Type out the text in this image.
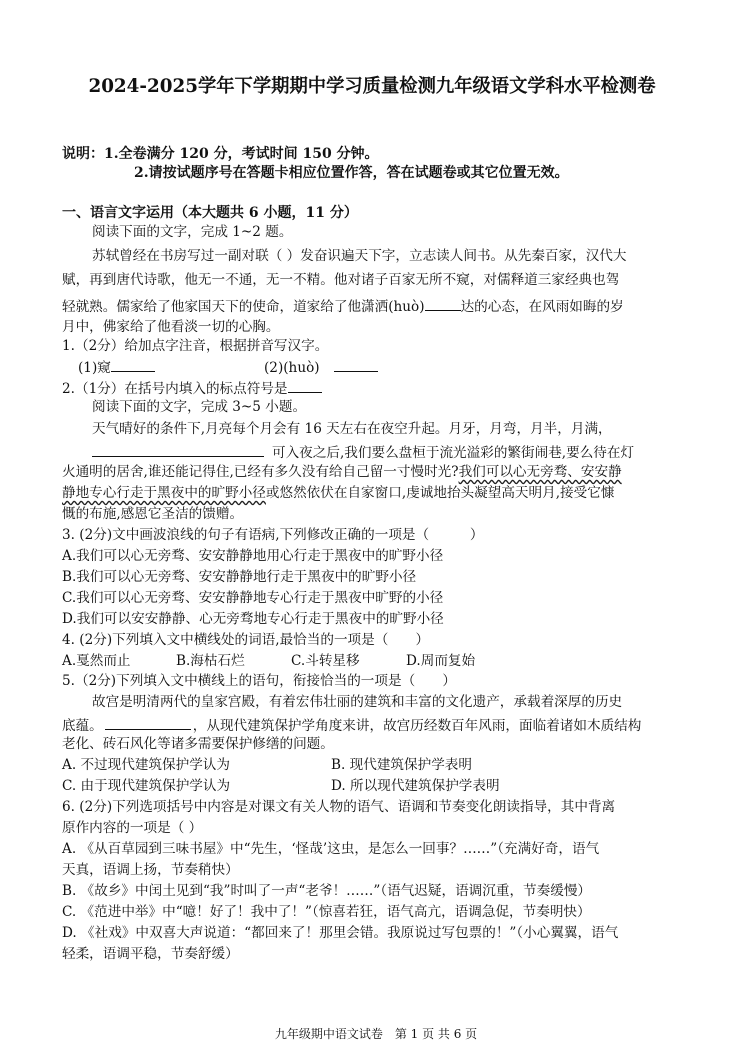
2024-2025学年下学期期中学习质量检测九年级语文学科水平检测卷
说明：1.全卷满分 120 分，考试时间 150 分钟。
2.请按试题序号在答题卡相应位置作答，答在试题卷或其它位置无效。
一、语言文字运用（本大题共 6 小题，11 分）
阅读下面的文字，完成 1~2 题。
苏轼曾经在书房写过一副对联（ ）发奋识遍天下字，立志读人间书。从先秦百家，汉代大
赋，再到唐代诗歌，他无一不通，无一不精。他对诸子百家无所不窥，对儒释道三家经典也驾
轻就熟。儒家给了他家国天下的使命，道家给了他潇洒(huò)	达的心态，在风雨如晦的岁
月中，佛家给了他看淡一切的心胸。
1.（2分）给加点字注音，根据拼音写汉字。
(1)窥	(2)(huò)
2.（1分）在括号内填入的标点符号是
阅读下面的文字，完成 3~5 小题。
天气晴好的条件下,月亮每个月会有 16 天左右在夜空升起。月牙，月弯，月半，月满，
可入夜之后,我们要么盘桓于流光溢彩的繁街闹巷,要么待在灯
火通明的居舍,谁还能记得住,已经有多久没有给自己留一寸慢时光?我们可以心无旁骛、安安静
静地专心行走于黑夜中的旷野小径或悠然依伏在自家窗口,虔诚地抬头凝望高天明月,接受它慷
慨的布施,感恩它圣洁的馈赠。
3. (2分)文中画波浪线的句子有语病,下列修改正确的一项是（　　　）
A.我们可以心无旁骛、安安静静地用心行走于黑夜中的旷野小径
B.我们可以心无旁骛、安安静静地行走于黑夜中的旷野小径
C.我们可以心无旁骛、安安静静地专心行走于黑夜中旷野的小径
D.我们可以安安静静、心无旁骛地专心行走于黑夜中的旷野小径
4. (2分)下列填入文中横线处的词语,最恰当的一项是（　　）
A.戛然而止	B.海枯石烂	C.斗转星移	D.周而复始
5.（2分)下列填入文中横线上的语句，衔接恰当的一项是（　　）
故宫是明清两代的皇家宫殿，有着宏伟壮丽的建筑和丰富的文化遗产，承载着深厚的历史
底蕴。	，从现代建筑保护学角度来讲，故宫历经数百年风雨，面临着诸如木质结构
老化、砖石风化等诸多需要保护修缮的问题。
A. 不过现代建筑保护学认为	B. 现代建筑保护学表明
C. 由于现代建筑保护学认为	D. 所以现代建筑保护学表明
6. (2分)下列选项括号中内容是对课文有关人物的语气、语调和节奏变化朗读指导，其中背离
原作内容的一项是（ ）
A. 《从百草园到三味书屋》中“先生，‘怪哉’这虫，是怎么一回事？……”（充满好奇，语气
天真，语调上扬，节奏稍快）
B. 《故乡》中闰土见到“我”时叫了一声“老爷！……”（语气迟疑，语调沉重，节奏缓慢）
C. 《范进中举》中“噫！好了！我中了！”（惊喜若狂，语气高亢，语调急促，节奏明快）
D. 《社戏》中双喜大声说道：“都回来了！那里会错。我原说过写包票的！”（小心翼翼，语气
轻柔，语调平稳，节奏舒缓）
九年级期中语文试卷　第 1 页 共 6 页
